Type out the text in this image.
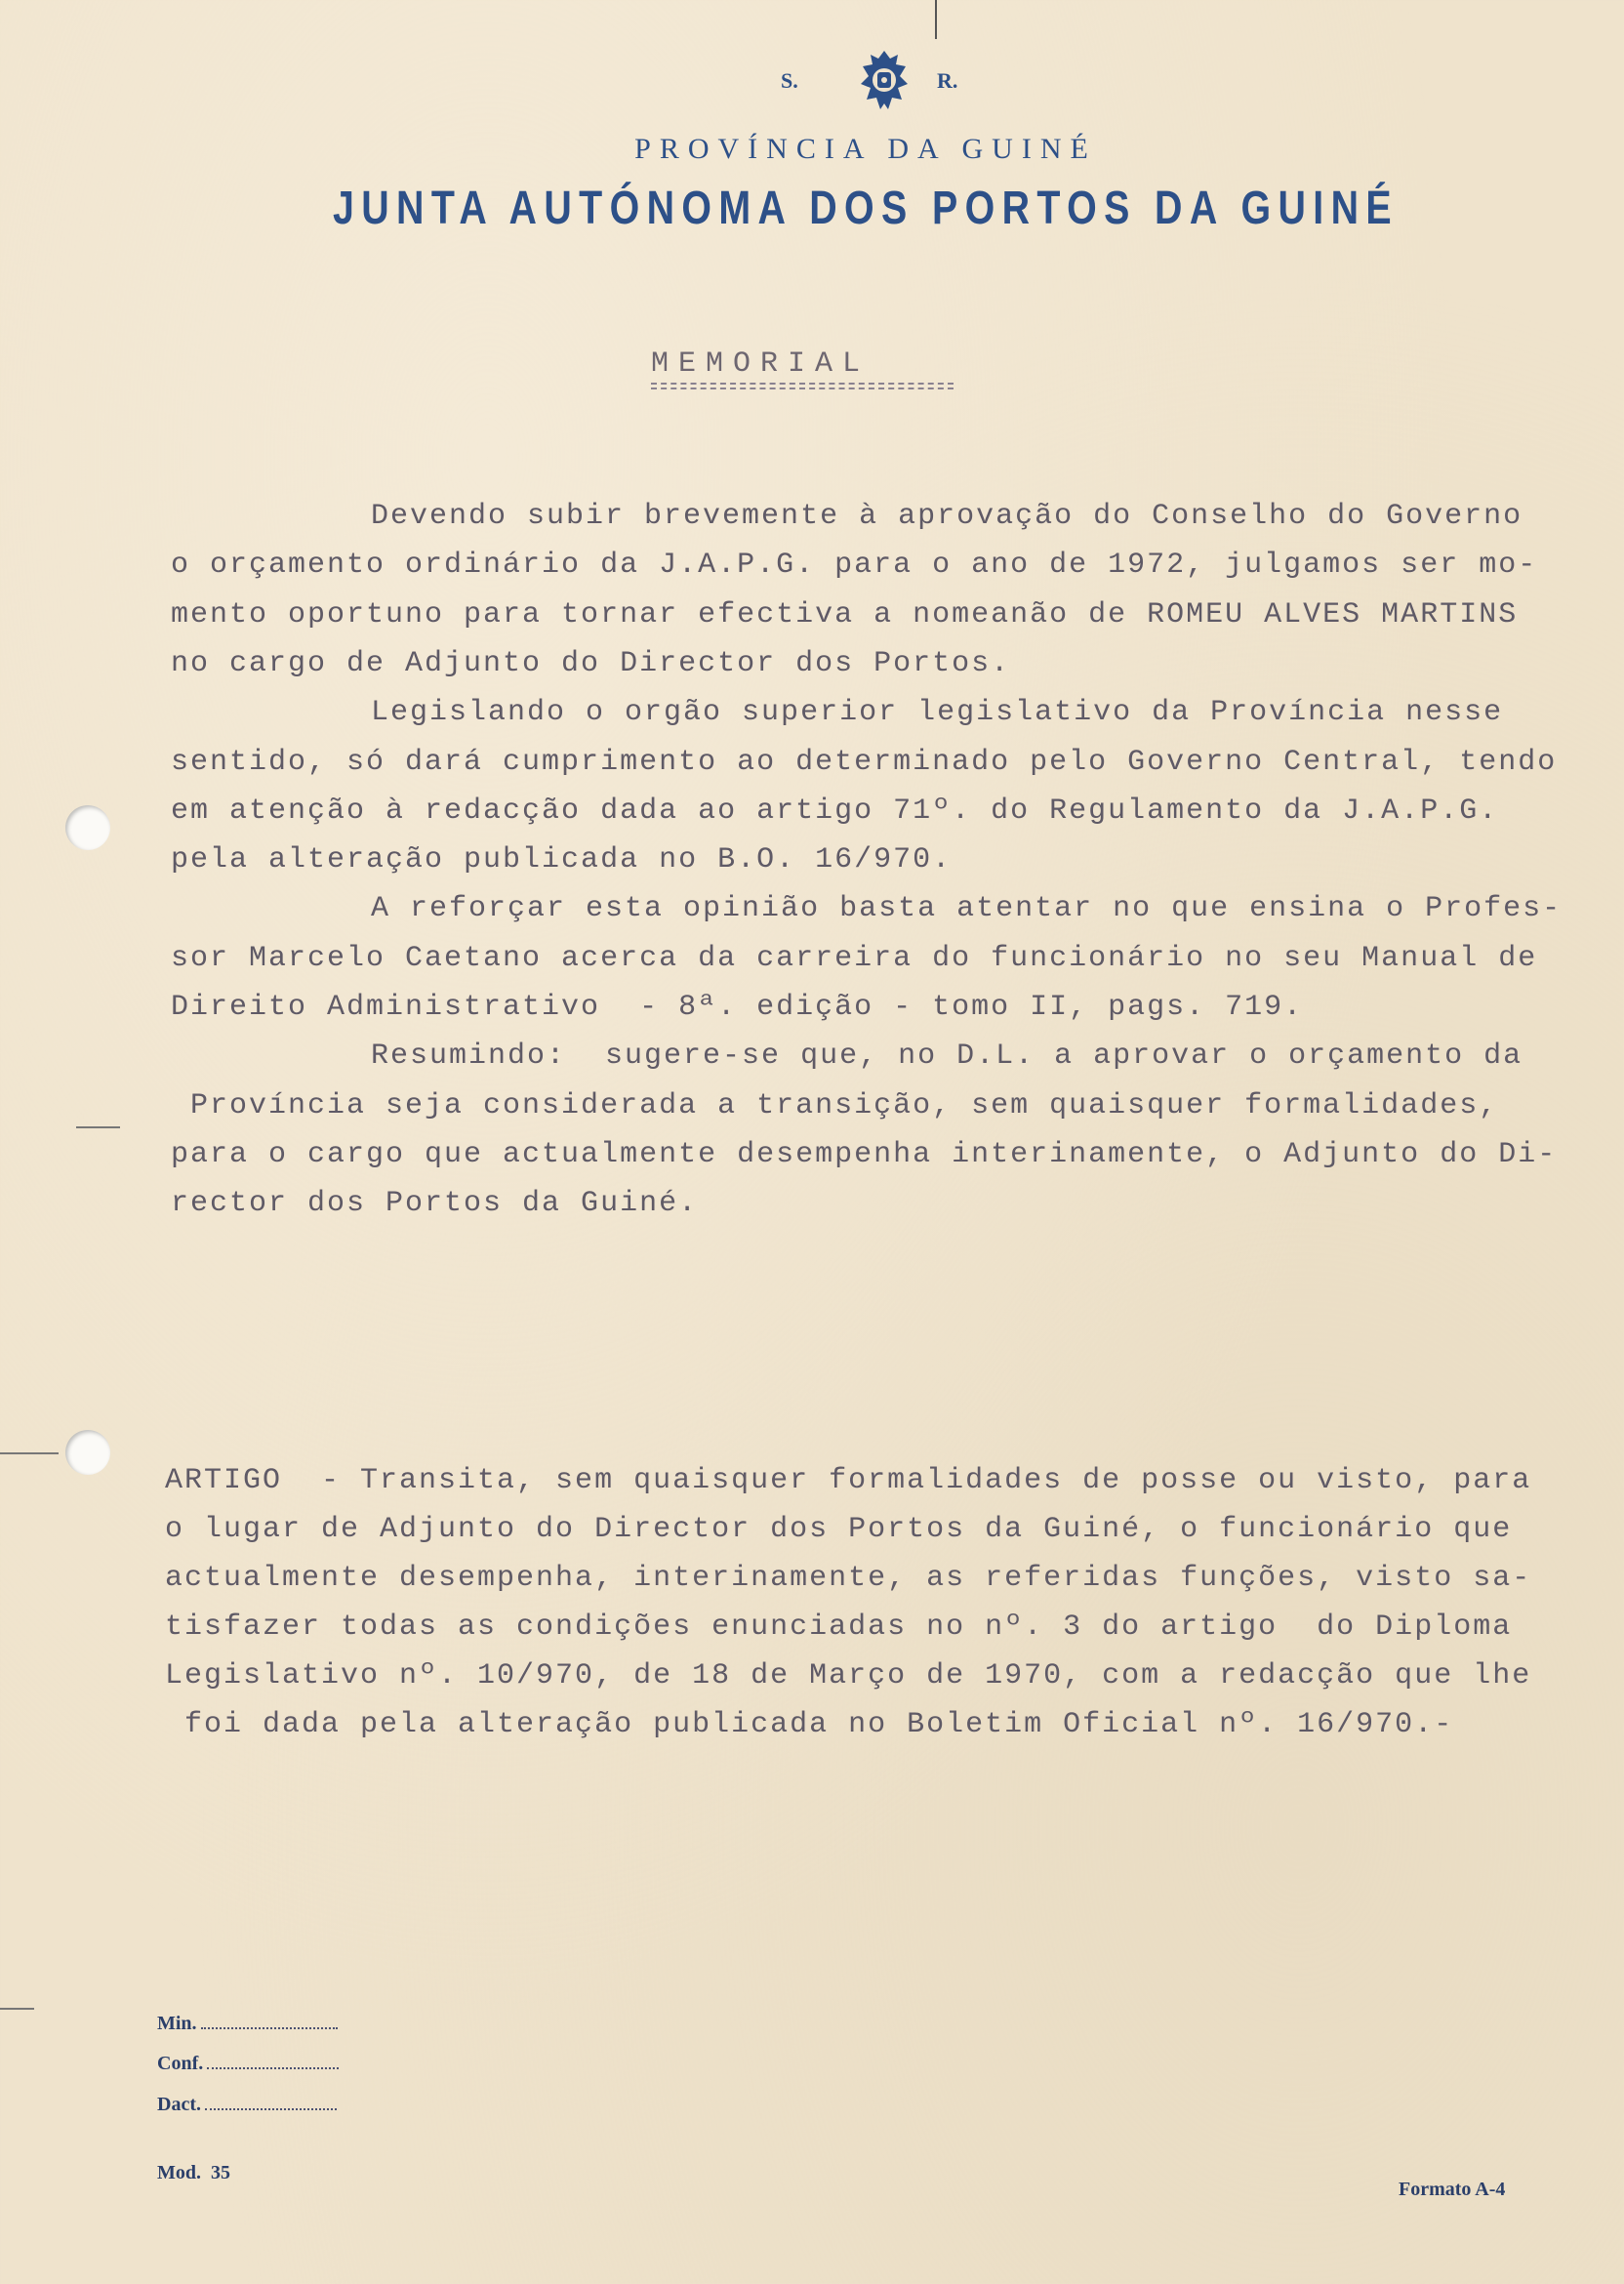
S.	R.
PROVÍNCIA DA GUINÉ
JUNTA AUTÓNOMA DOS PORTOS DA GUINÉ
MEMORIAL
Devendo subir brevemente à aprovação do Conselho do Governo
o orçamento ordinário da J.A.P.G. para o ano de 1972, julgamos ser mo-
mento oportuno para tornar efectiva a nomeanão de ROMEU ALVES MARTINS
no cargo de Adjunto do Director dos Portos.
Legislando o orgão superior legislativo da Província nesse
sentido, só dará cumprimento ao determinado pelo Governo Central, tendo
em atenção à redacção dada ao artigo 71º. do Regulamento da J.A.P.G.
pela alteração publicada no B.O. 16/970.
A reforçar esta opinião basta atentar no que ensina o Profes-
sor Marcelo Caetano acerca da carreira do funcionário no seu Manual de
Direito Administrativo  - 8ª. edição - tomo II, pags. 719.
Resumindo:  sugere-se que, no D.L. a aprovar o orçamento da
Província seja considerada a transição, sem quaisquer formalidades,
para o cargo que actualmente desempenha interinamente, o Adjunto do Di-
rector dos Portos da Guiné.
ARTIGO  - Transita, sem quaisquer formalidades de posse ou visto, para
o lugar de Adjunto do Director dos Portos da Guiné, o funcionário que
actualmente desempenha, interinamente, as referidas funções, visto sa-
tisfazer todas as condições enunciadas no nº. 3 do artigo  do Diploma
Legislativo nº. 10/970, de 18 de Março de 1970, com a redacção que lhe
foi dada pela alteração publicada no Boletim Oficial nº. 16/970.-
Min.
Conf.
Dact.
Mod.  35
Formato A-4
